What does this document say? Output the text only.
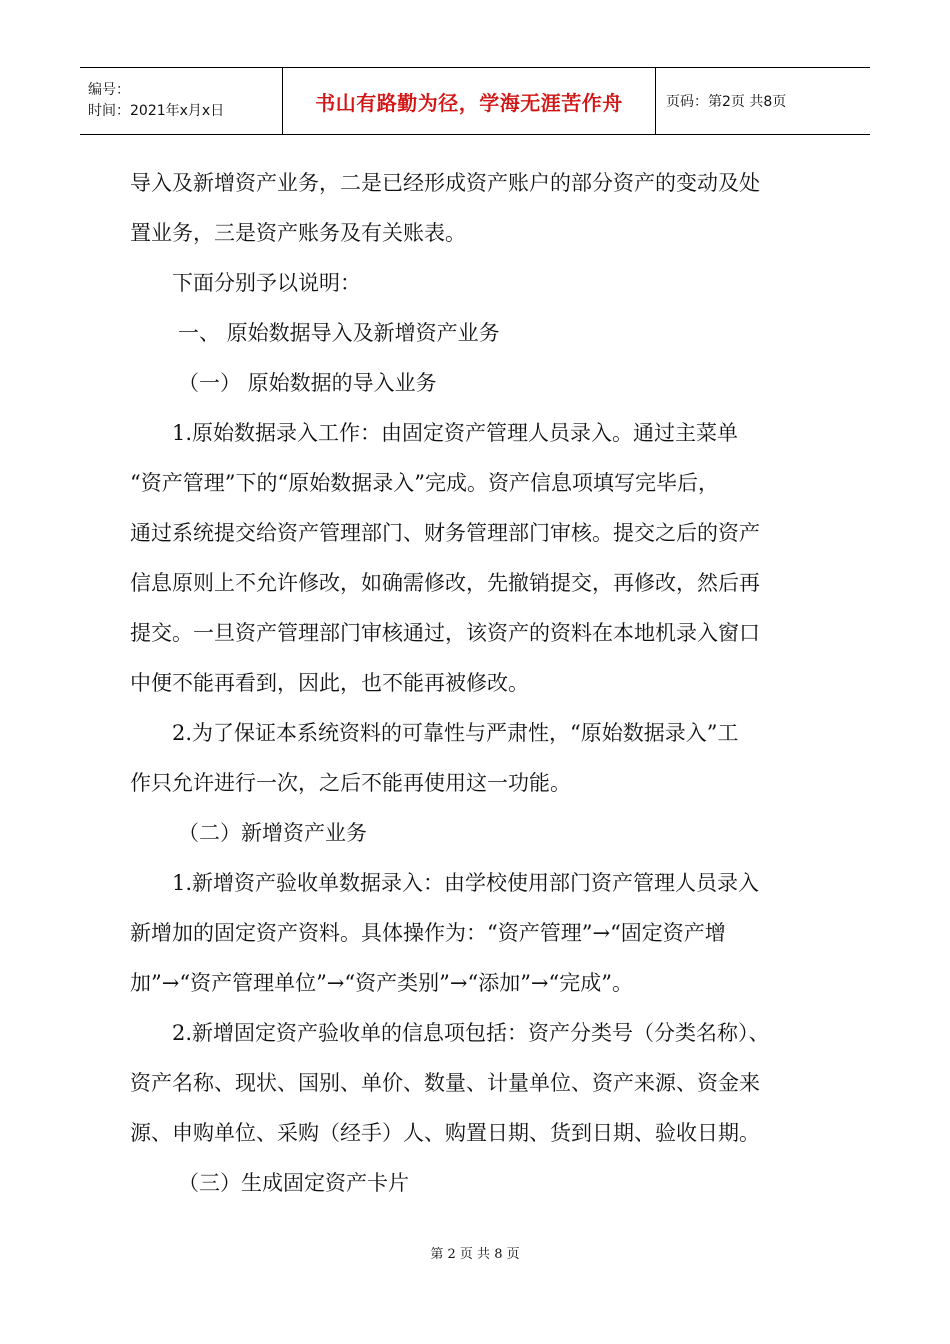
编号：
时间：2021年x月x日	书山有路勤为径，学海无涯苦作舟	页码：第2页 共8页
导入及新增资产业务，二是已经形成资产账户的部分资产的变动及处
置业务，三是资产账务及有关账表。
下面分别予以说明：
一、 原始数据导入及新增资产业务
（一） 原始数据的导入业务
1.原始数据录入工作：由固定资产管理人员录入。通过主菜单
“资产管理”下的“原始数据录入”完成。资产信息项填写完毕后，
通过系统提交给资产管理部门、财务管理部门审核。提交之后的资产
信息原则上不允许修改，如确需修改，先撤销提交，再修改，然后再
提交。一旦资产管理部门审核通过，该资产的资料在本地机录入窗口
中便不能再看到，因此，也不能再被修改。
2.为了保证本系统资料的可靠性与严肃性，“原始数据录入”工
作只允许进行一次，之后不能再使用这一功能。
（二）新增资产业务
1.新增资产验收单数据录入：由学校使用部门资产管理人员录入
新增加的固定资产资料。具体操作为：“资产管理”→“固定资产增
加”→“资产管理单位”→“资产类别”→“添加”→“完成”。
2.新增固定资产验收单的信息项包括：资产分类号（分类名称）、
资产名称、现状、国别、单价、数量、计量单位、资产来源、资金来
源、申购单位、采购（经手）人、购置日期、货到日期、验收日期。
（三）生成固定资产卡片
第 2 页 共 8 页
